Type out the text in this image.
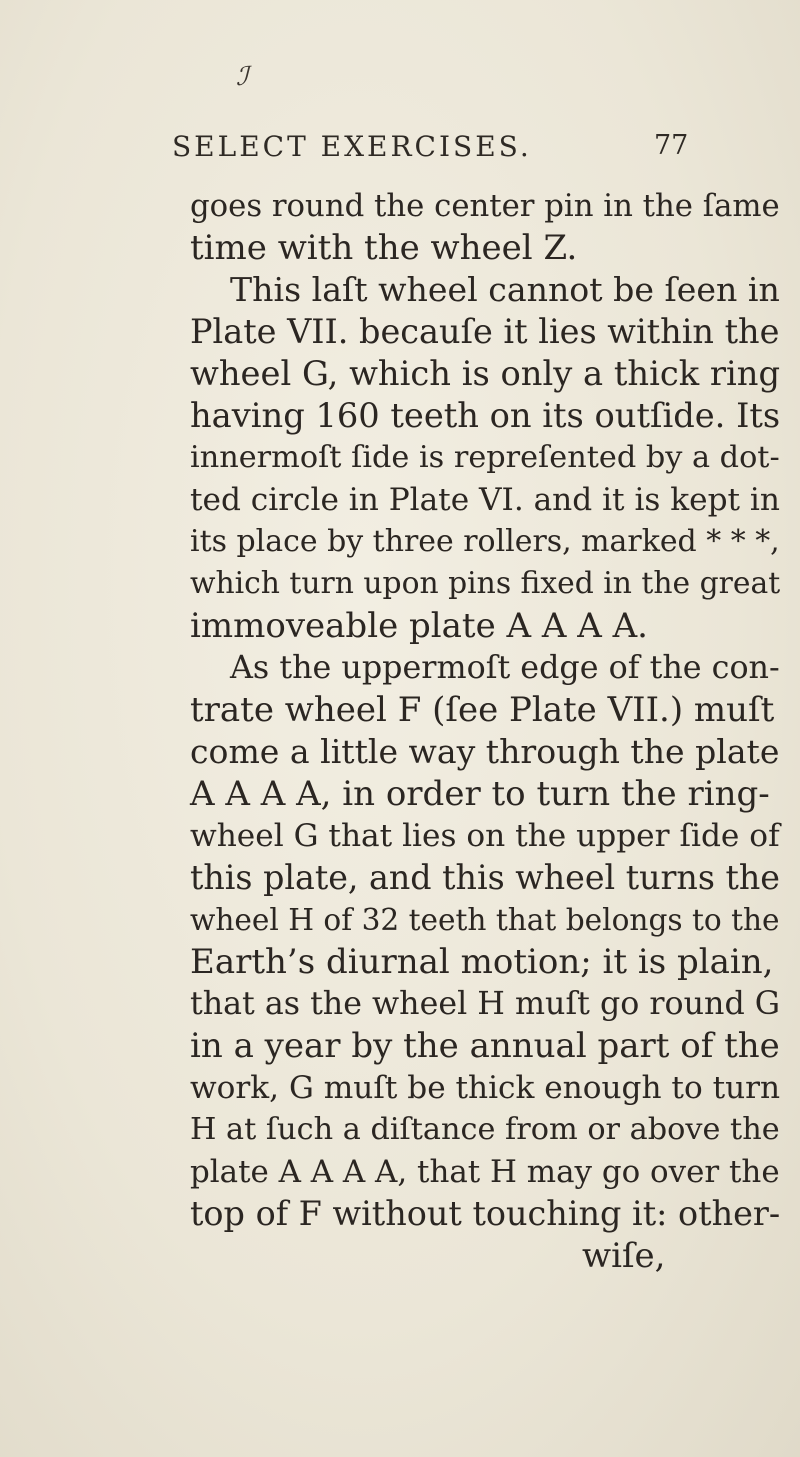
ℐ
SELECT EXERCISES.	77
goes round the center pin in the ſame
time with the wheel Z.
This laſt wheel cannot be ſeen in
Plate VII. becauſe it lies within the
wheel G, which is only a thick ring
having 160 teeth on its outſide. Its
innermoſt ſide is repreſented by a dot-
ted circle in Plate VI. and it is kept in
its place by three rollers, marked * * *,
which turn upon pins fixed in the great
immoveable plate A A A A.
As the uppermoſt edge of the con-
trate wheel F (ſee Plate VII.) muſt
come a little way through the plate
A A A A, in order to turn the ring-
wheel G that lies on the upper ſide of
this plate, and this wheel turns the
wheel H of 32 teeth that belongs to the
Earth’s diurnal motion; it is plain,
that as the wheel H muſt go round G
in a year by the annual part of the
work, G muſt be thick enough to turn
H at ſuch a diſtance from or above the
plate A A A A, that H may go over the
top of F without touching it: other-
wiſe,
